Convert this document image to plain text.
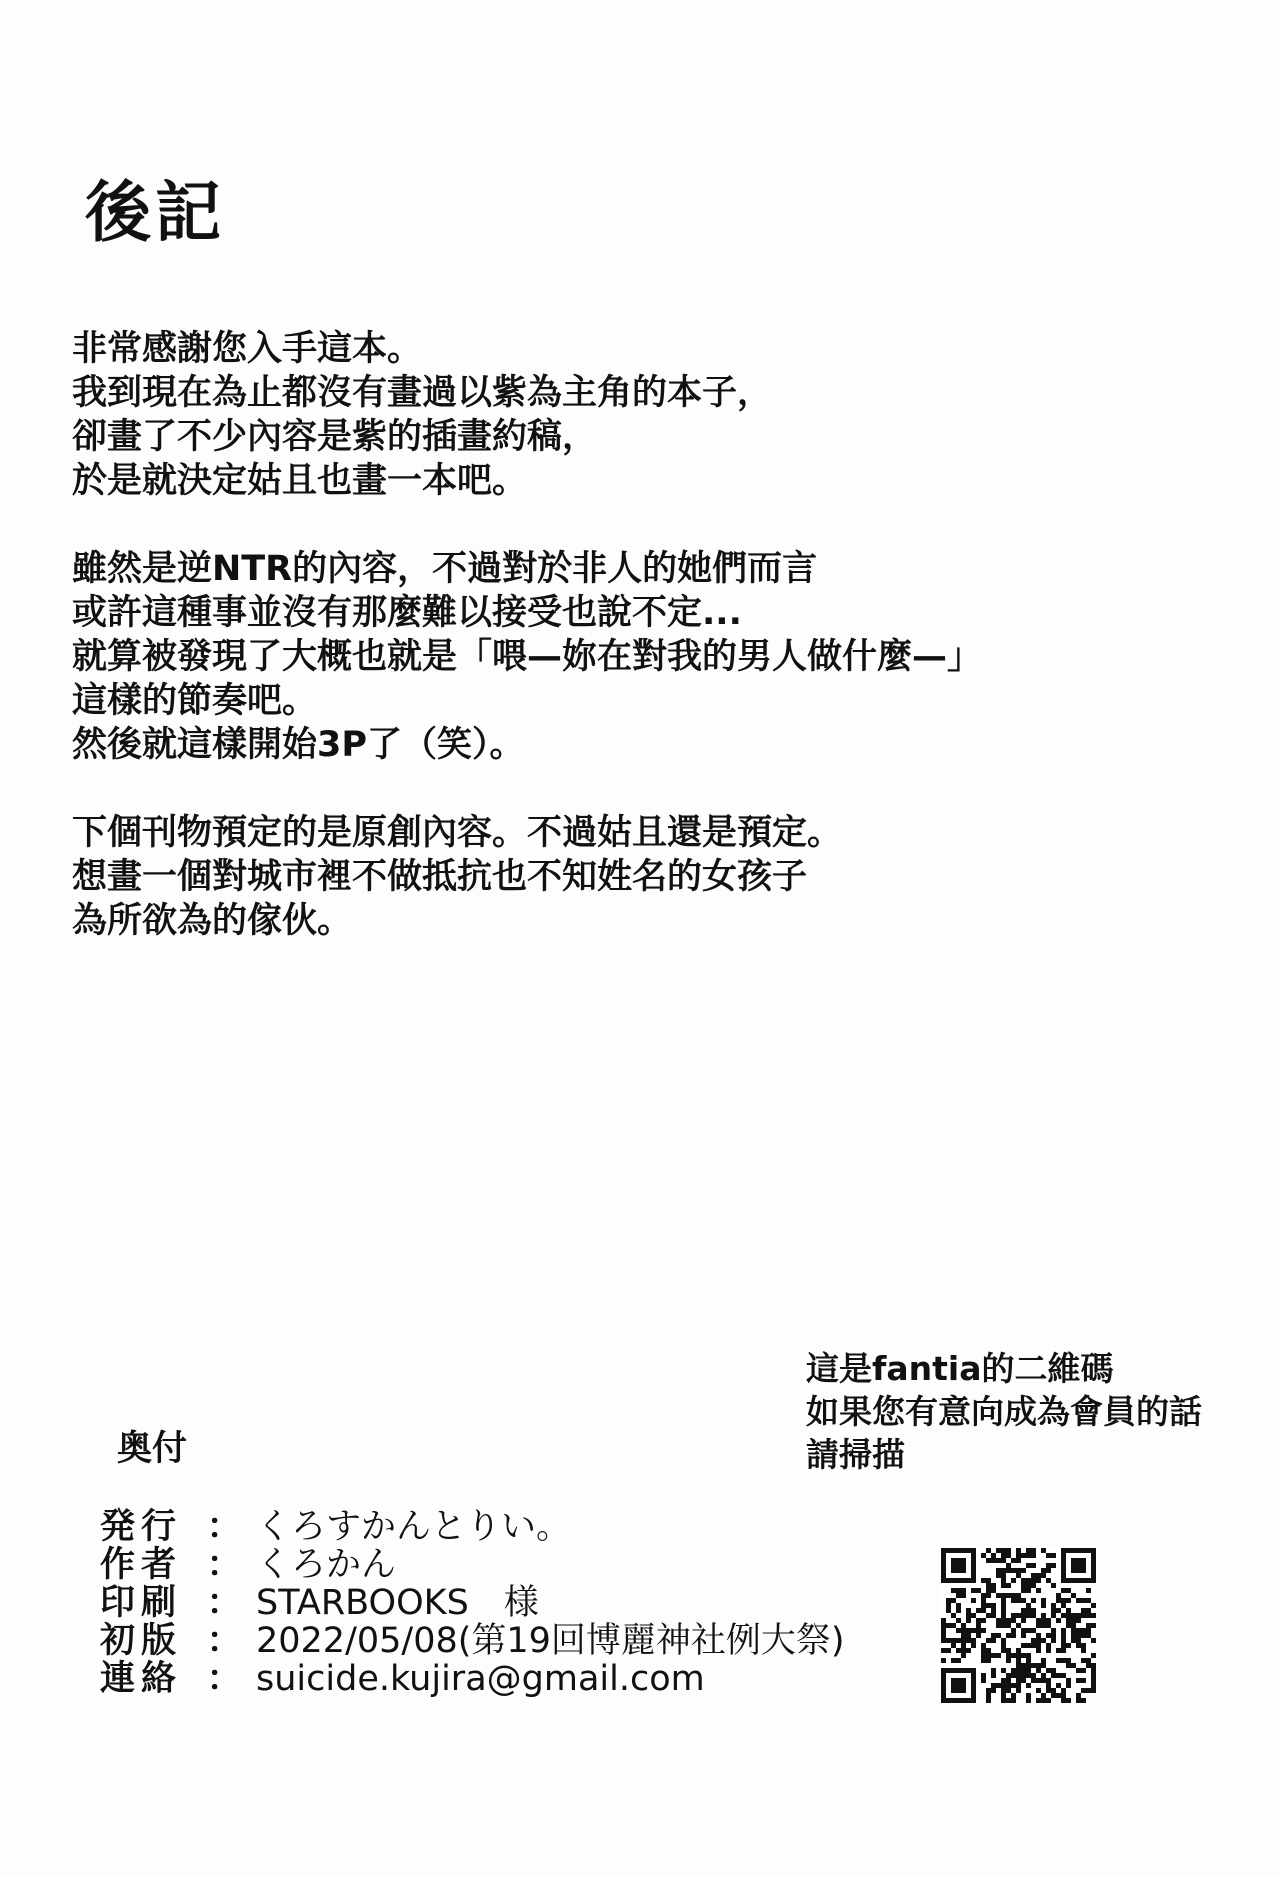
後記
非常感謝您入手這本。
我到現在為止都沒有畫過以紫為主角的本子，
卻畫了不少內容是紫的插畫約稿，
於是就決定姑且也畫一本吧。
雖然是逆NTR的內容，不過對於非人的她們而言
或許這種事並沒有那麼難以接受也說不定...
就算被發現了大概也就是「喂—妳在對我的男人做什麼—」
這樣的節奏吧。
然後就這樣開始3P了（笑）。
下個刊物預定的是原創內容。不過姑且還是預定。
想畫一個對城市裡不做抵抗也不知姓名的女孩子
為所欲為的傢伙。
這是fantia的二維碼
如果您有意向成為會員的話
請掃描
奥付
発行 ： くろすかんとりい。
作者 ： くろかん
印刷 ： STARBOOKS　様
初版 ： 2022/05/08(第19回博麗神社例大祭)
連絡 ： suicide.kujira@gmail.com
